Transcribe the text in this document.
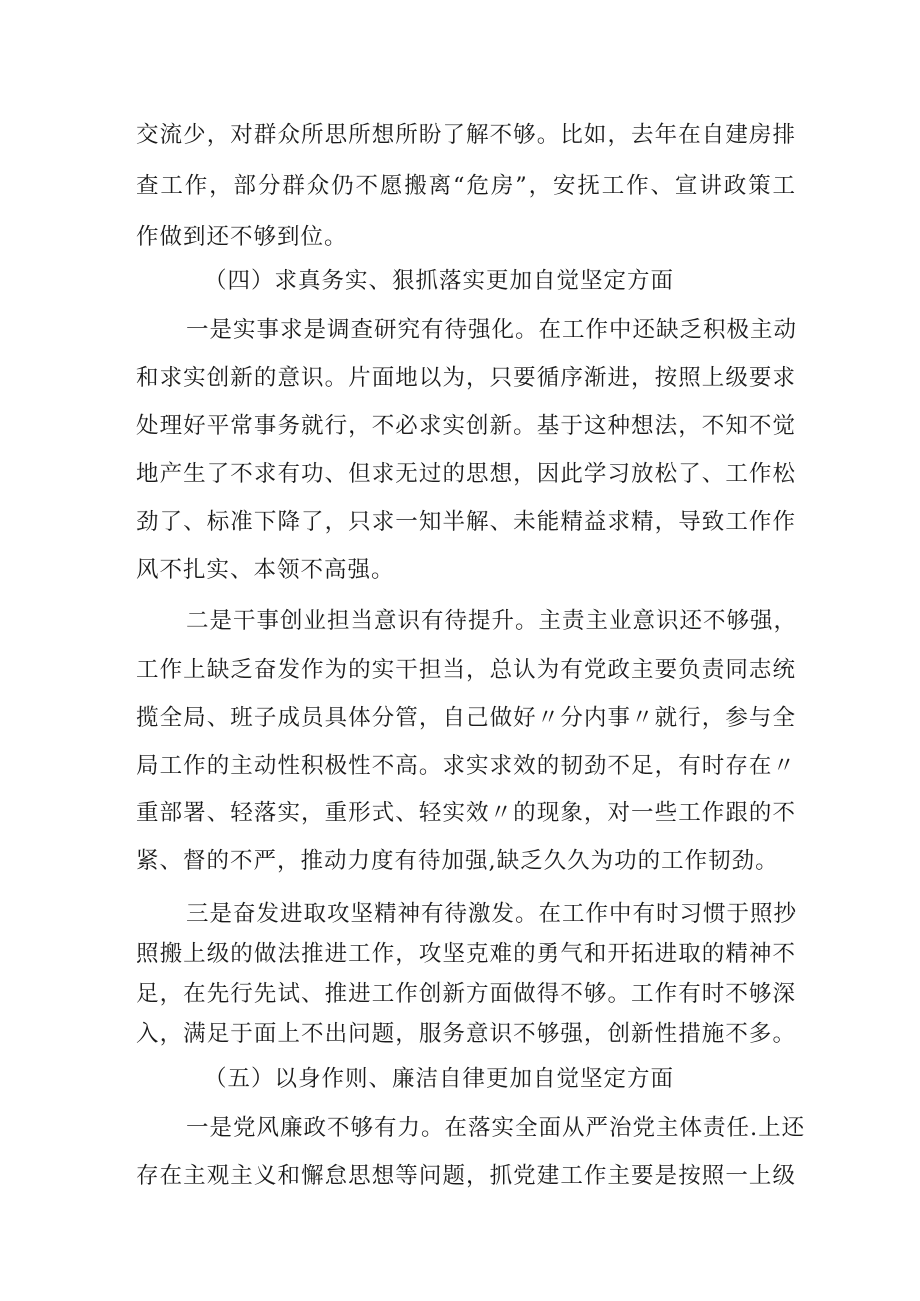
交流少，对群众所思所想所盼了解不够。比如，去年在自建房排
查工作，部分群众仍不愿搬离“危房”，安抚工作、宣讲政策工
作做到还不够到位。
（四）求真务实、狠抓落实更加自觉坚定方面
一是实事求是调查研究有待强化。在工作中还缺乏积极主动
和求实创新的意识。片面地以为，只要循序渐进，按照上级要求
处理好平常事务就行，不必求实创新。基于这种想法，不知不觉
地产生了不求有功、但求无过的思想，因此学习放松了、工作松
劲了、标准下降了，只求一知半解、未能精益求精，导致工作作
风不扎实、本领不高强。
二是干事创业担当意识有待提升。主责主业意识还不够强，
工作上缺乏奋发作为的实干担当，总认为有党政主要负责同志统
揽全局、班子成员具体分管，自己做好〃分内事〃就行，参与全
局工作的主动性积极性不高。求实求效的韧劲不足，有时存在〃
重部署、轻落实，重形式、轻实效〃的现象，对一些工作跟的不
紧、督的不严，推动力度有待加强,缺乏久久为功的工作韧劲。
三是奋发进取攻坚精神有待激发。在工作中有时习惯于照抄
照搬上级的做法推进工作，攻坚克难的勇气和开拓进取的精神不
足，在先行先试、推进工作创新方面做得不够。工作有时不够深
入，满足于面上不出问题，服务意识不够强，创新性措施不多。
（五）以身作则、廉洁自律更加自觉坚定方面
一是党风廉政不够有力。在落实全面从严治党主体责任.上还
存在主观主义和懈怠思想等问题，抓党建工作主要是按照一上级
